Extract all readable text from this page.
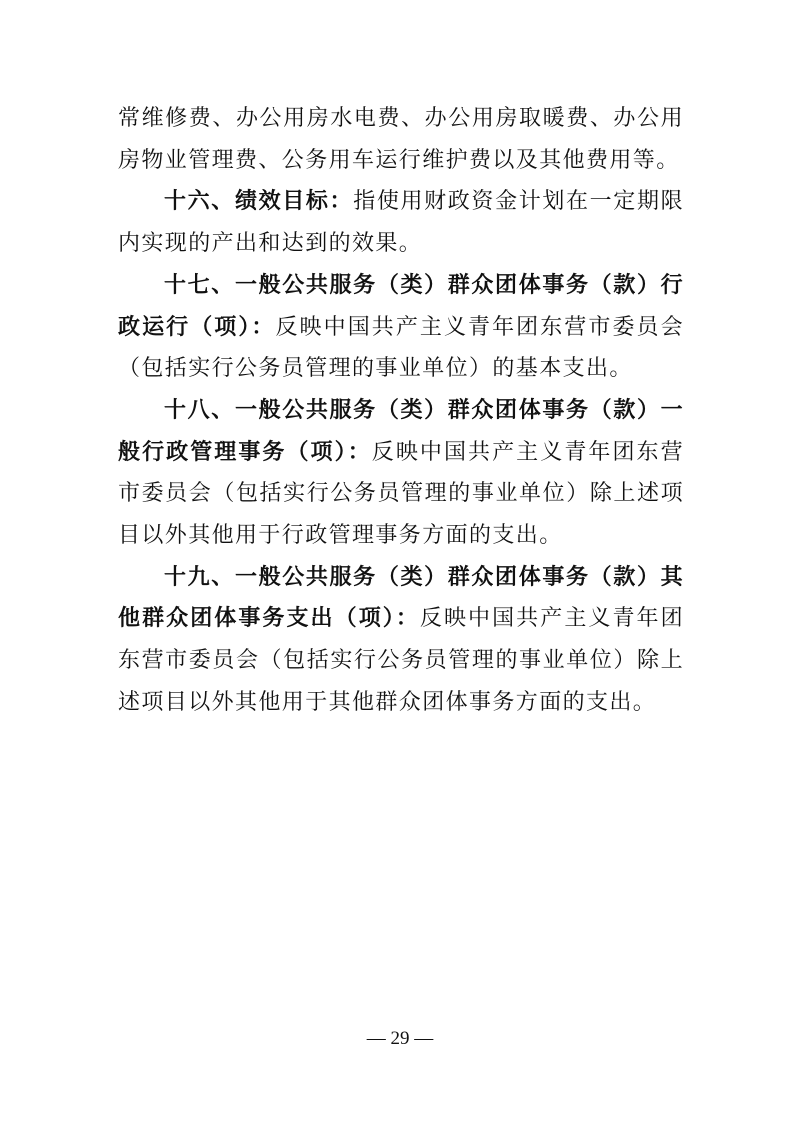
常维修费、办公用房水电费、办公用房取暖费、办公用房物业管理费、公务用车运行维护费以及其他费用等。

十六、绩效目标：指使用财政资金计划在一定期限内实现的产出和达到的效果。

十七、一般公共服务（类）群众团体事务（款）行政运行（项）：反映中国共产主义青年团东营市委员会（包括实行公务员管理的事业单位）的基本支出。

十八、一般公共服务（类）群众团体事务（款）一般行政管理事务（项）：反映中国共产主义青年团东营市委员会（包括实行公务员管理的事业单位）除上述项目以外其他用于行政管理事务方面的支出。

十九、一般公共服务（类）群众团体事务（款）其他群众团体事务支出（项）：反映中国共产主义青年团东营市委员会（包括实行公务员管理的事业单位）除上述项目以外其他用于其他群众团体事务方面的支出。

— 29 —
